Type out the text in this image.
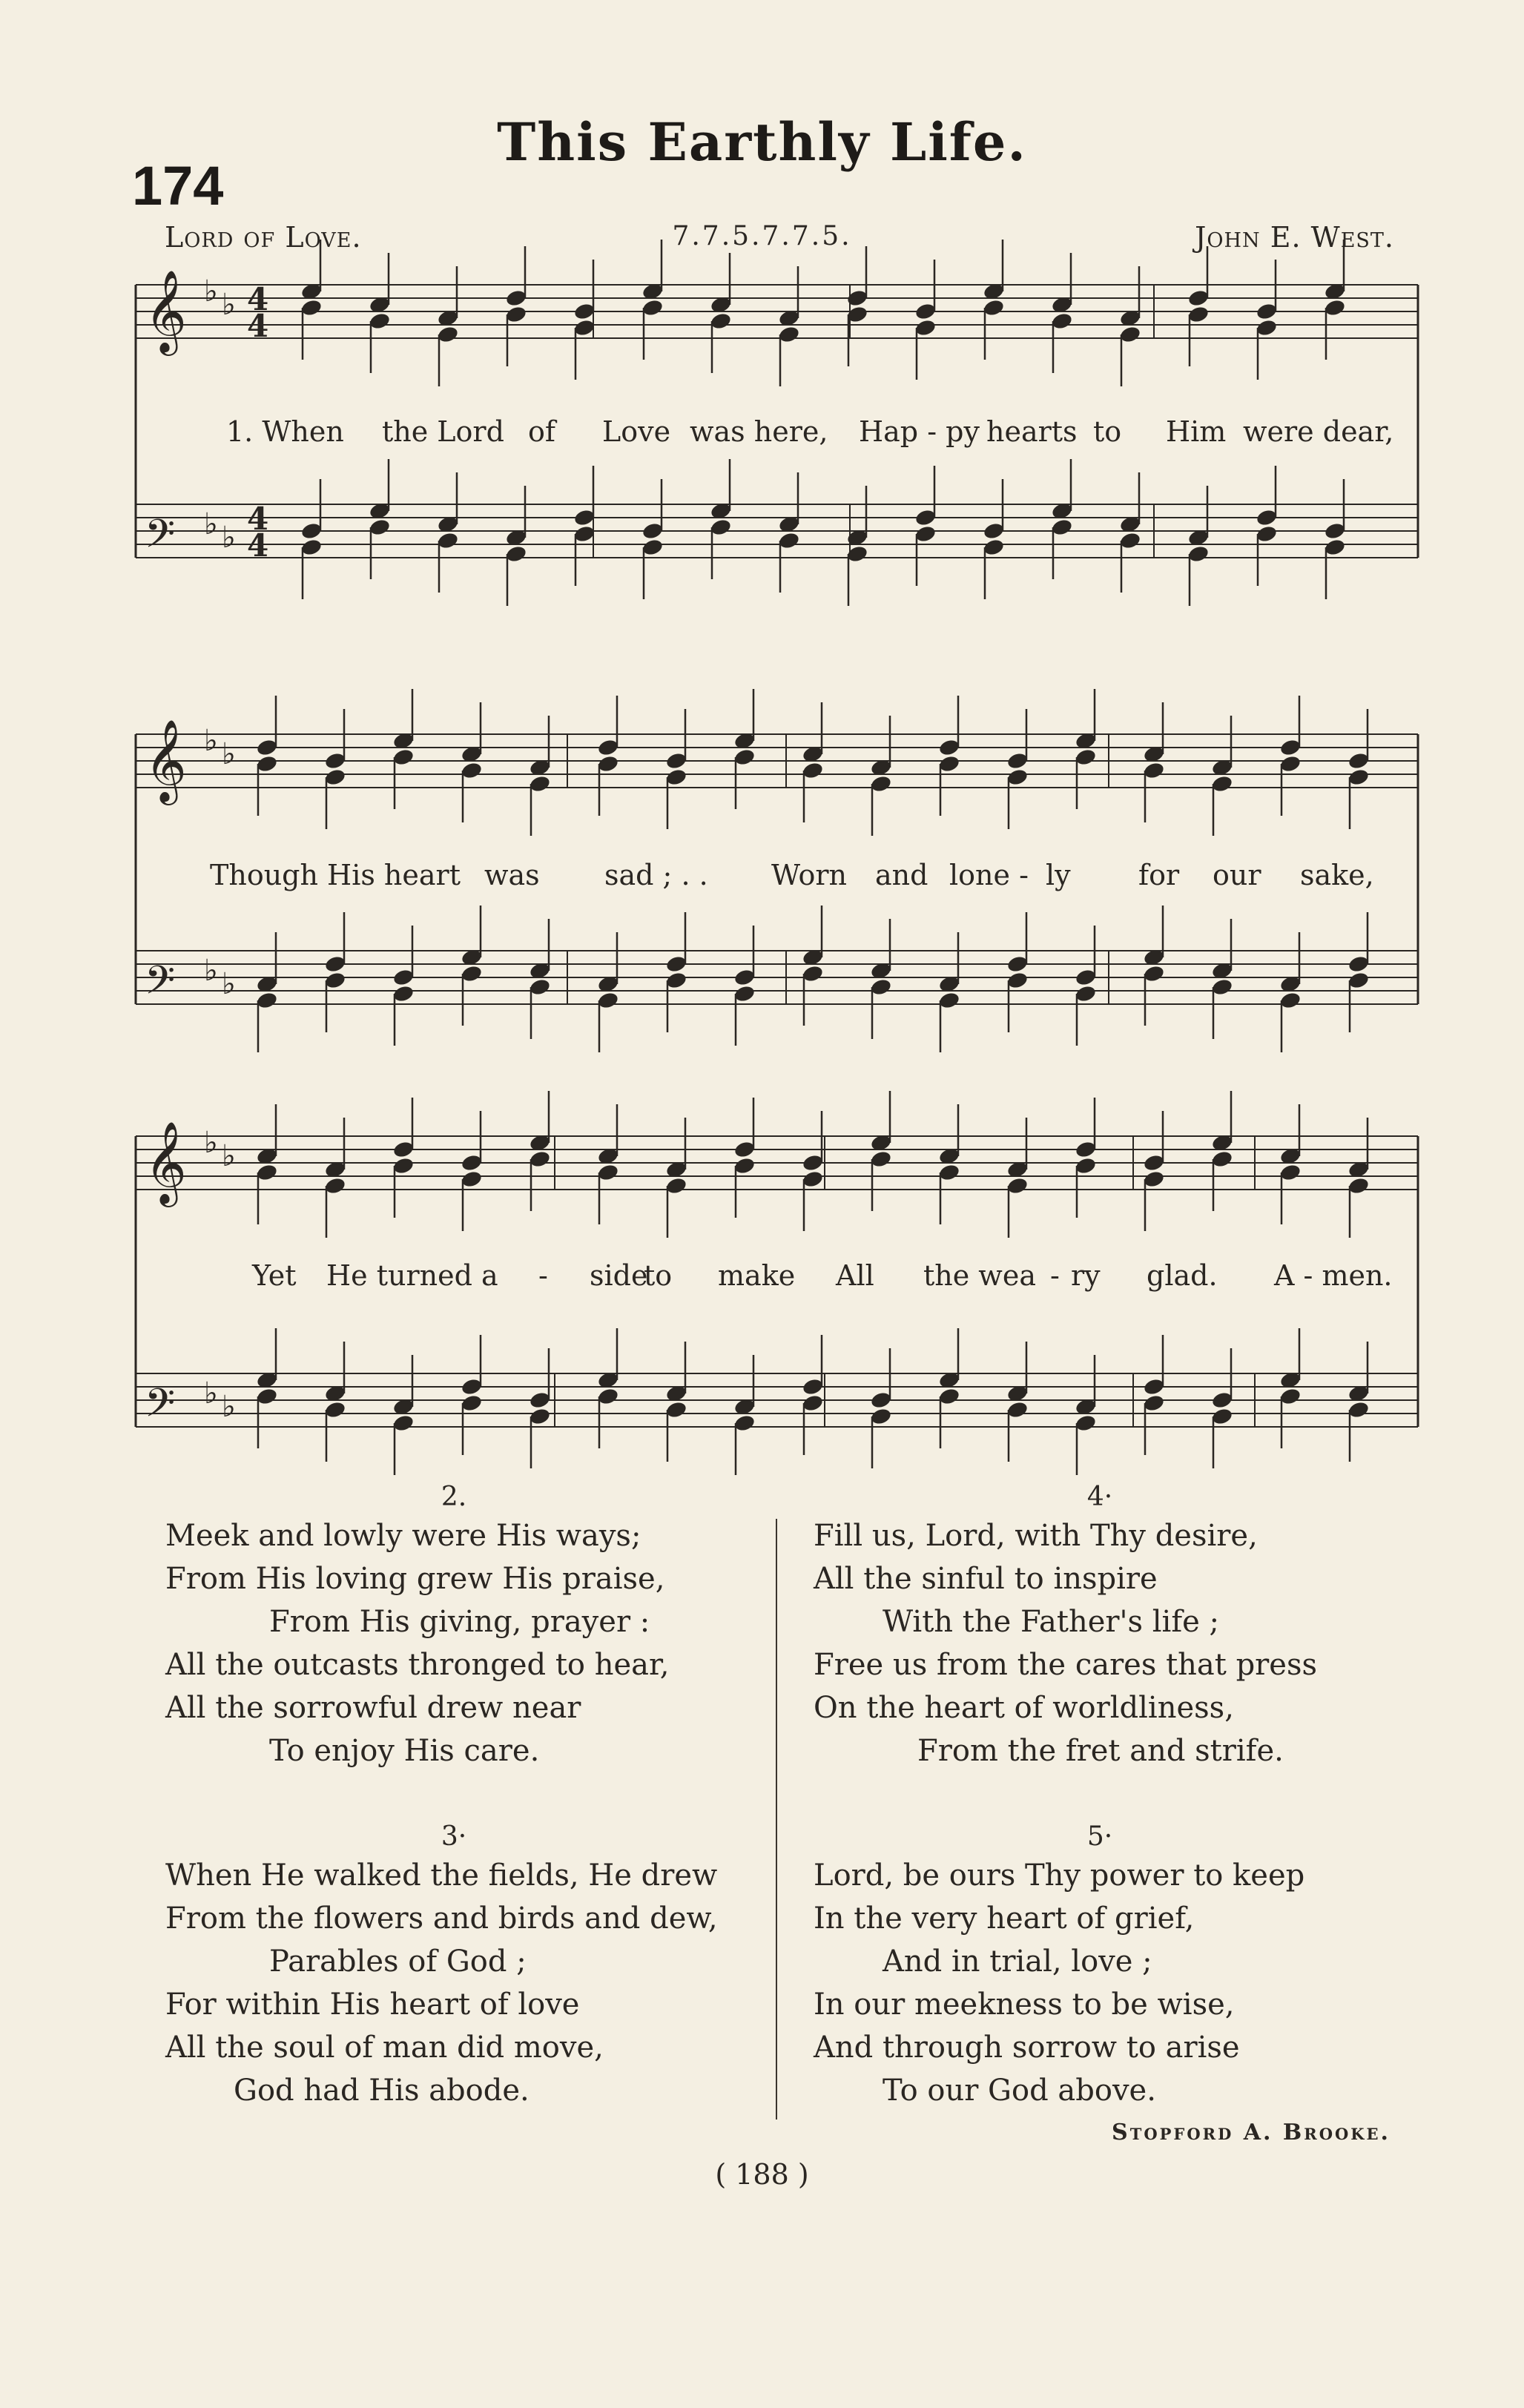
This Earthly Life.
174
Lord of Love.	7.7.5.7.7.5.	John E. West.
𝄞 ♭ ♭
𝄢 ♭ ♭
𝄞 ♭ ♭
𝄢 ♭ ♭
𝄞 ♭ ♭
𝄢 ♭ ♭
4
4
4
4
1. When the Lord of Love was here, Hap - py hearts to Him were dear,
Though His heart was sad ; . . Worn and lone - ly for our sake,
Yet He turned a - side
to make All the wea - ry glad. A - men.
2.
Meek and lowly were His ways;
From His loving grew His praise,
From His giving, prayer :
All the outcasts thronged to hear,
All the sorrowful drew near
To enjoy His care.
3·
When He walked the fields, He drew
From the flowers and birds and dew,
Parables of God ;
For within His heart of love
All the soul of man did move,
God had His abode.
4·
Fill us, Lord, with Thy desire,
All the sinful to inspire
With the Father's life ;
Free us from the cares that press
On the heart of worldliness,
From the fret and strife.
5·
Lord, be ours Thy power to keep
In the very heart of grief,
And in trial, love ;
In our meekness to be wise,
And through sorrow to arise
To our God above.
Stopford A. Brooke.
( 188 )
